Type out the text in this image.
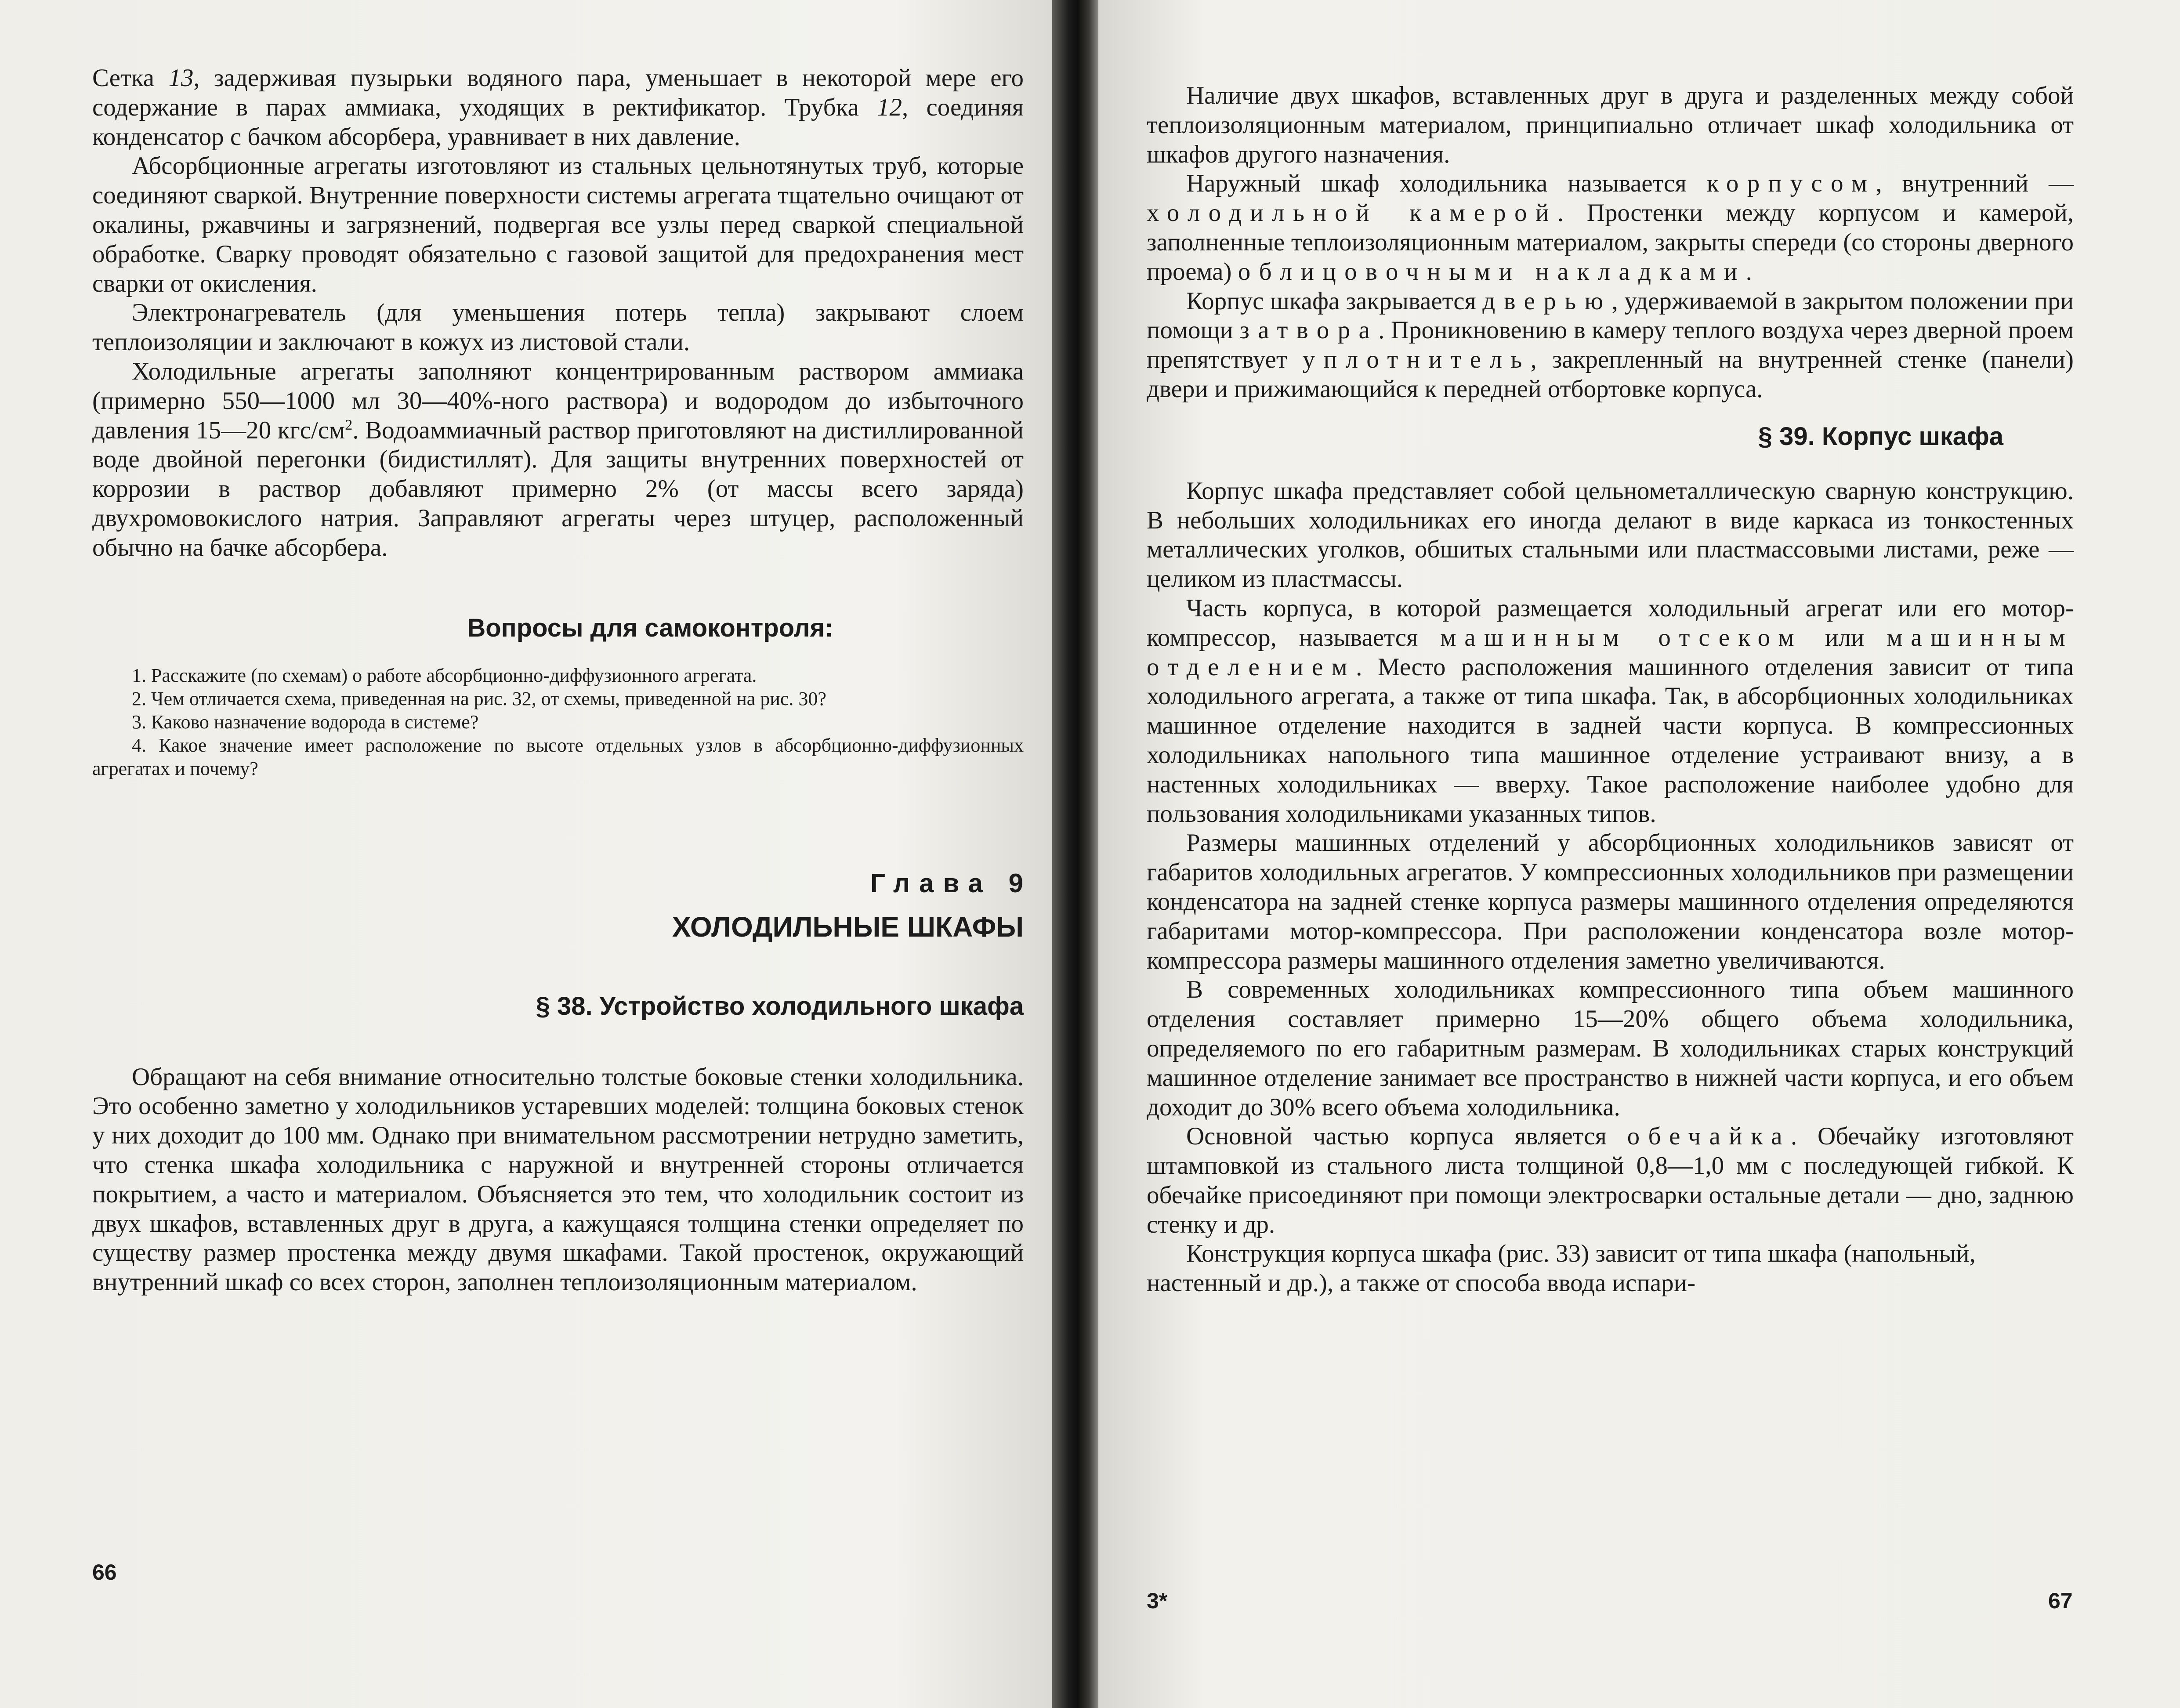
Сетка 13, задерживая пузырьки водяного пара, уменьшает в некоторой мере его содержание в парах аммиака, уходящих в ректификатор. Трубка 12, соединяя конденсатор с бачком абсорбера, уравнивает в них давление.

Абсорбционные агрегаты изготовляют из стальных цельнотянутых труб, которые соединяют сваркой. Внутренние поверхности системы агрегата тщательно очищают от окалины, ржавчины и загрязнений, подвергая все узлы перед сваркой специальной обработке. Сварку проводят обязательно с газовой защитой для предохранения мест сварки от окисления.

Электронагреватель (для уменьшения потерь тепла) закрывают слоем теплоизоляции и заключают в кожух из листовой стали.

Холодильные агрегаты заполняют концентрированным раствором аммиака (примерно 550—1000 мл 30—40%-ного раствора) и водородом до избыточного давления 15—20 кгс/$см^2$. Водоаммиачный раствор приготовляют на дистиллированной воде двойной перегонки (бидистиллят). Для защиты внутренних поверхностей от коррозии в раствор добавляют примерно 2% (от массы всего заряда) двухромовокислого натрия. Заправляют агрегаты через штуцер, расположенный обычно на бачке абсорбера.

Вопросы для самоконтроля:

1. Расскажите (по схемам) о работе абсорбционно-диффузионного агрегата.

2. Чем отличается схема, приведенная на рис. 32, от схемы, приведенной на рис. 30?

3. Каково назначение водорода в системе?

4. Какое значение имеет расположение по высоте отдельных узлов в абсорбционно-диффузионных агрегатах и почему?

Глава 9
ХОЛОДИЛЬНЫЕ ШКАФЫ
§ 38. Устройство холодильного шкафа

Обращают на себя внимание относительно толстые боковые стенки холодильника. Это особенно заметно у холодильников устаревших моделей: толщина боковых стенок у них доходит до 100 мм. Однако при внимательном рассмотрении нетрудно заметить, что стенка шкафа холодильника с наружной и внутренней стороны отличается покрытием, а часто и материалом. Объясняется это тем, что холодильник состоит из двух шкафов, вставленных друг в друга, а кажущаяся толщина стенки определяет по существу размер простенка между двумя шкафами. Такой простенок, окружающий внутренний шкаф со всех сторон, заполнен теплоизоляционным материалом.

66

Наличие двух шкафов, вставленных друг в друга и разделенных между собой теплоизоляционным материалом, принципиально отличает шкаф холодильника от шкафов другого назначения.

Наружный шкаф холодильника называется корпусом, внутренний — холодильной камерой. Простенки между корпусом и камерой, заполненные теплоизоляционным материалом, закрыты спереди (со стороны дверного проема) облицовочными накладками.

Корпус шкафа закрывается дверью, удерживаемой в закрытом положении при помощи затвора. Проникновению в камеру теплого воздуха через дверной проем препятствует уплотнитель, закрепленный на внутренней стенке (панели) двери и прижимающийся к передней отбортовке корпуса.

§ 39. Корпус шкафа

Корпус шкафа представляет собой цельнометаллическую сварную конструкцию. В небольших холодильниках его иногда делают в виде каркаса из тонкостенных металлических уголков, обшитых стальными или пластмассовыми листами, реже — целиком из пластмассы.

Часть корпуса, в которой размещается холодильный агрегат или его мотор-компрессор, называется машинным отсеком или машинным отделением. Место расположения машинного отделения зависит от типа холодильного агрегата, а также от типа шкафа. Так, в абсорбционных холодильниках машинное отделение находится в задней части корпуса. В компрессионных холодильниках напольного типа машинное отделение устраивают внизу, а в настенных холодильниках — вверху. Такое расположение наиболее удобно для пользования холодильниками указанных типов.

Размеры машинных отделений у абсорбционных холодильников зависят от габаритов холодильных агрегатов. У компрессионных холодильников при размещении конденсатора на задней стенке корпуса размеры машинного отделения определяются габаритами мотор-компрессора. При расположении конденсатора возле мотор-компрессора размеры машинного отделения заметно увеличиваются.

В современных холодильниках компрессионного типа объем машинного отделения составляет примерно 15—20% общего объема холодильника, определяемого по его габаритным размерам. В холодильниках старых конструкций машинное отделение занимает все пространство в нижней части корпуса, и его объем доходит до 30% всего объема холодильника.

Основной частью корпуса является обечайка. Обечайку изготовляют штамповкой из стального листа толщиной 0,8—1,0 мм с последующей гибкой. К обечайке присоединяют при помощи электросварки остальные детали — дно, заднюю стенку и др.

Конструкция корпуса шкафа (рис. 33) зависит от типа шкафа (напольный, настенный и др.), а также от способа ввода испари-

3*	67
